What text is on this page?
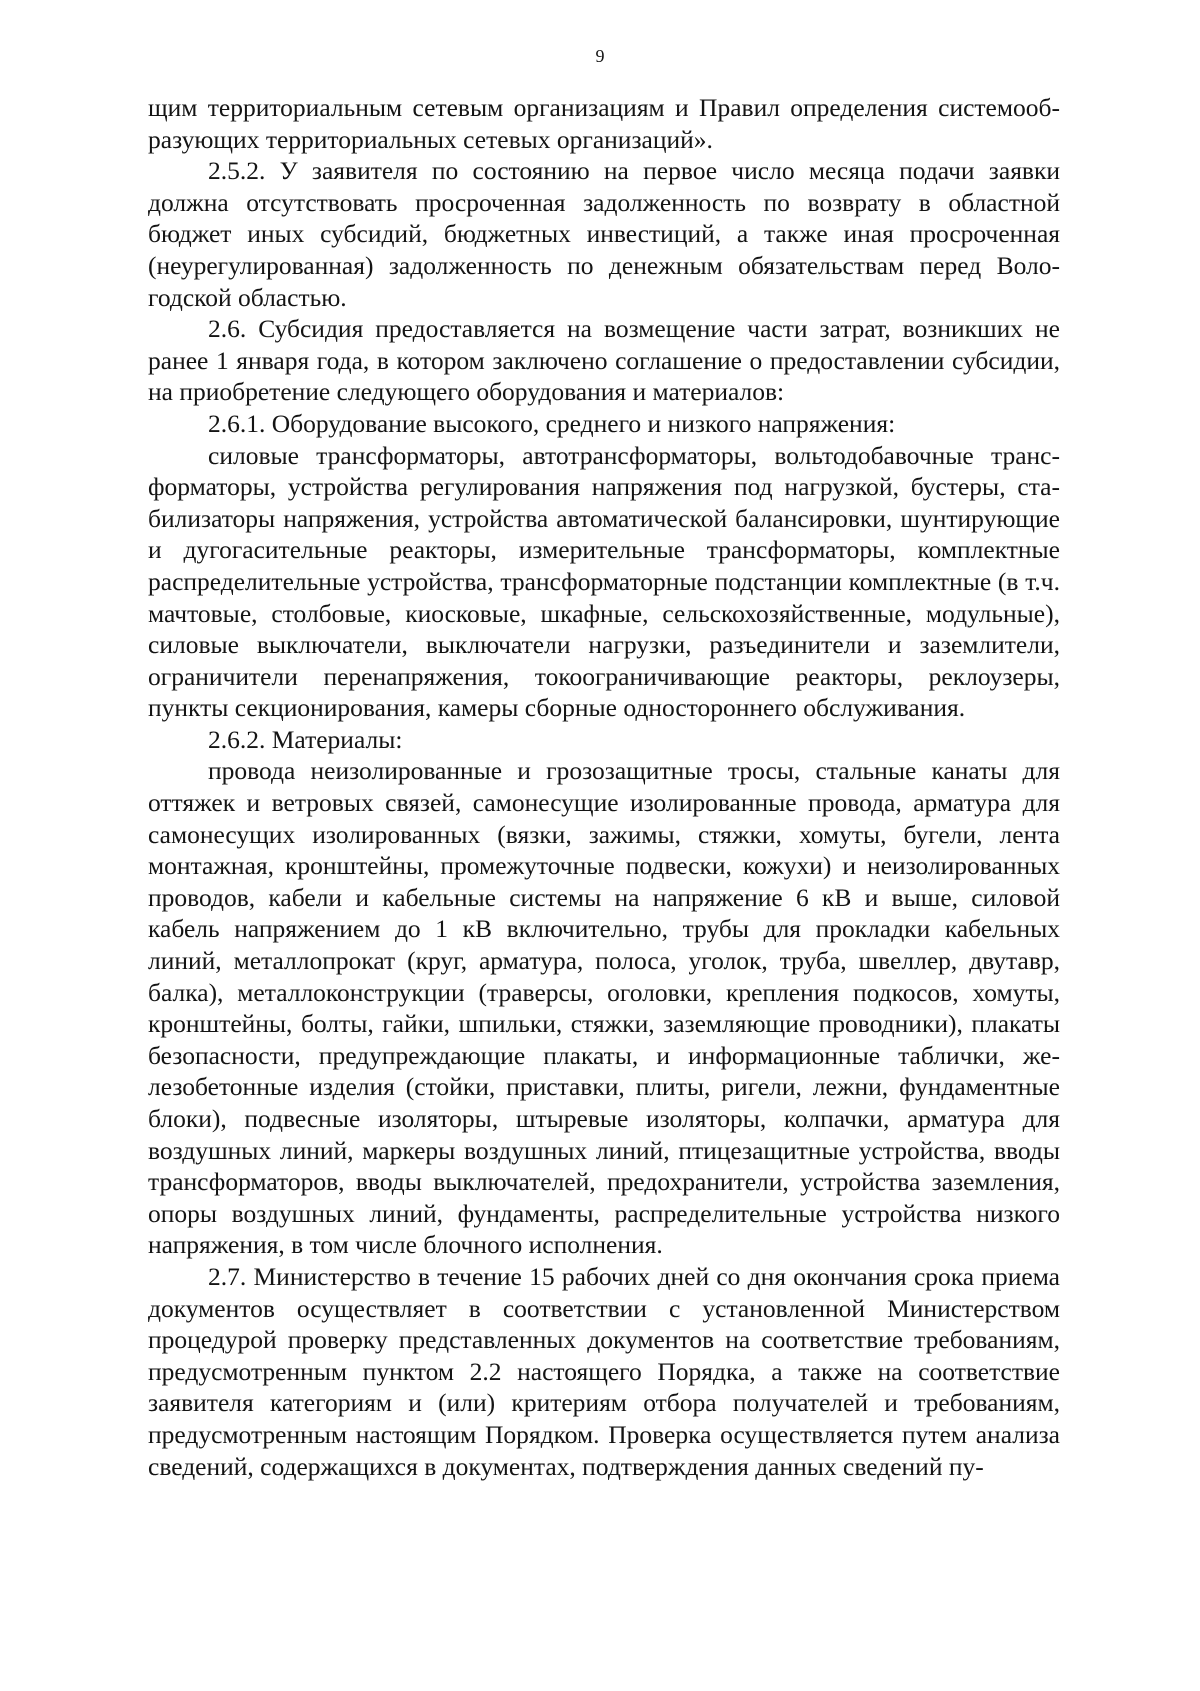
9

щим территориальным сетевым организациям и Правил определения системообразующих территориальных сетевых организаций».

2.5.2. У заявителя по состоянию на первое число месяца подачи заявки должна отсутствовать просроченная задолженность по возврату в областной бюджет иных субсидий, бюджетных инвестиций, а также иная просроченная (неурегулированная) задолженность по денежным обязательствам перед Вологодской областью.

2.6. Субсидия предоставляется на возмещение части затрат, возникших не ранее 1 января года, в котором заключено соглашение о предоставлении субсидии, на приобретение следующего оборудования и материалов:

2.6.1. Оборудование высокого, среднего и низкого напряжения:

силовые трансформаторы, автотрансформаторы, вольтодобавочные трансформаторы, устройства регулирования напряжения под нагрузкой, бустеры, стабилизаторы напряжения, устройства автоматической балансировки, шунтирующие и дугогасительные реакторы, измерительные трансформаторы, комплектные распределительные устройства, трансформаторные подстанции комплектные (в т.ч. мачтовые, столбовые, киосковые, шкафные, сельскохозяйственные, модульные), силовые выключатели, выключатели нагрузки, разъединители и заземлители, ограничители перенапряжения, токоограничивающие реакторы, реклоузеры, пункты секционирования, камеры сборные одностороннего обслуживания.

2.6.2. Материалы:

провода неизолированные и грозозащитные тросы, стальные канаты для оттяжек и ветровых связей, самонесущие изолированные провода, арматура для самонесущих изолированных (вязки, зажимы, стяжки, хомуты, бугели, лента монтажная, кронштейны, промежуточные подвески, кожухи) и неизолированных проводов, кабели и кабельные системы на напряжение 6 кВ и выше, силовой кабель напряжением до 1 кВ включительно, трубы для прокладки кабельных линий, металлопрокат (круг, арматура, полоса, уголок, труба, швеллер, двутавр, балка), металлоконструкции (траверсы, оголовки, крепления подкосов, хомуты, кронштейны, болты, гайки, шпильки, стяжки, заземляющие проводники), плакаты безопасности, предупреждающие плакаты, и информационные таблички, железобетонные изделия (стойки, приставки, плиты, ригели, лежни, фундаментные блоки), подвесные изоляторы, штыревые изоляторы, колпачки, арматура для воздушных линий, маркеры воздушных линий, птицезащитные устройства, вводы трансформаторов, вводы выключателей, предохранители, устройства заземления, опоры воздушных линий, фундаменты, распределительные устройства низкого напряжения, в том числе блочного исполнения.

2.7. Министерство в течение 15 рабочих дней со дня окончания срока приема документов осуществляет в соответствии с установленной Министерством процедурой проверку представленных документов на соответствие требованиям, предусмотренным пунктом 2.2 настоящего Порядка, а также на соответствие заявителя категориям и (или) критериям отбора получателей и требованиям, предусмотренным настоящим Порядком. Проверка осуществляется путем анализа сведений, содержащихся в документах, подтверждения данных сведений пу-
